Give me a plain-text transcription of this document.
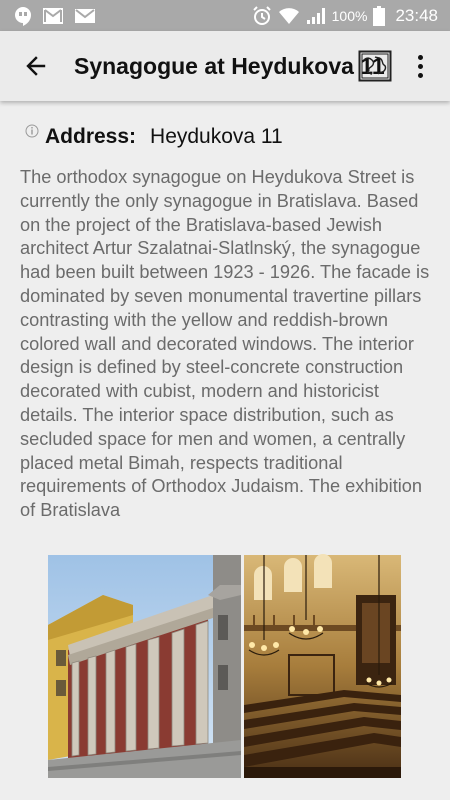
100% 23:48
Synagogue at Heydukova 11
Address: Heydukova 11

The orthodox synagogue on Heydukova Street is currently the only synagogue in Bratislava. Based on the project of the Bratislava-based Jewish architect Artur Szalatnai-Slatlnský, the synagogue had been built between 1923 - 1926. The facade is dominated by seven monumental travertine pillars contrasting with the yellow and reddish-brown colored wall and decorated windows. The interior design is defined by steel-concrete construction decorated with cubist, modern and historicist details. The interior space distribution, such as secluded space for men and women, a centrally placed metal Bimah, respects traditional requirements of Orthodox Judaism. The exhibition of Bratislava
